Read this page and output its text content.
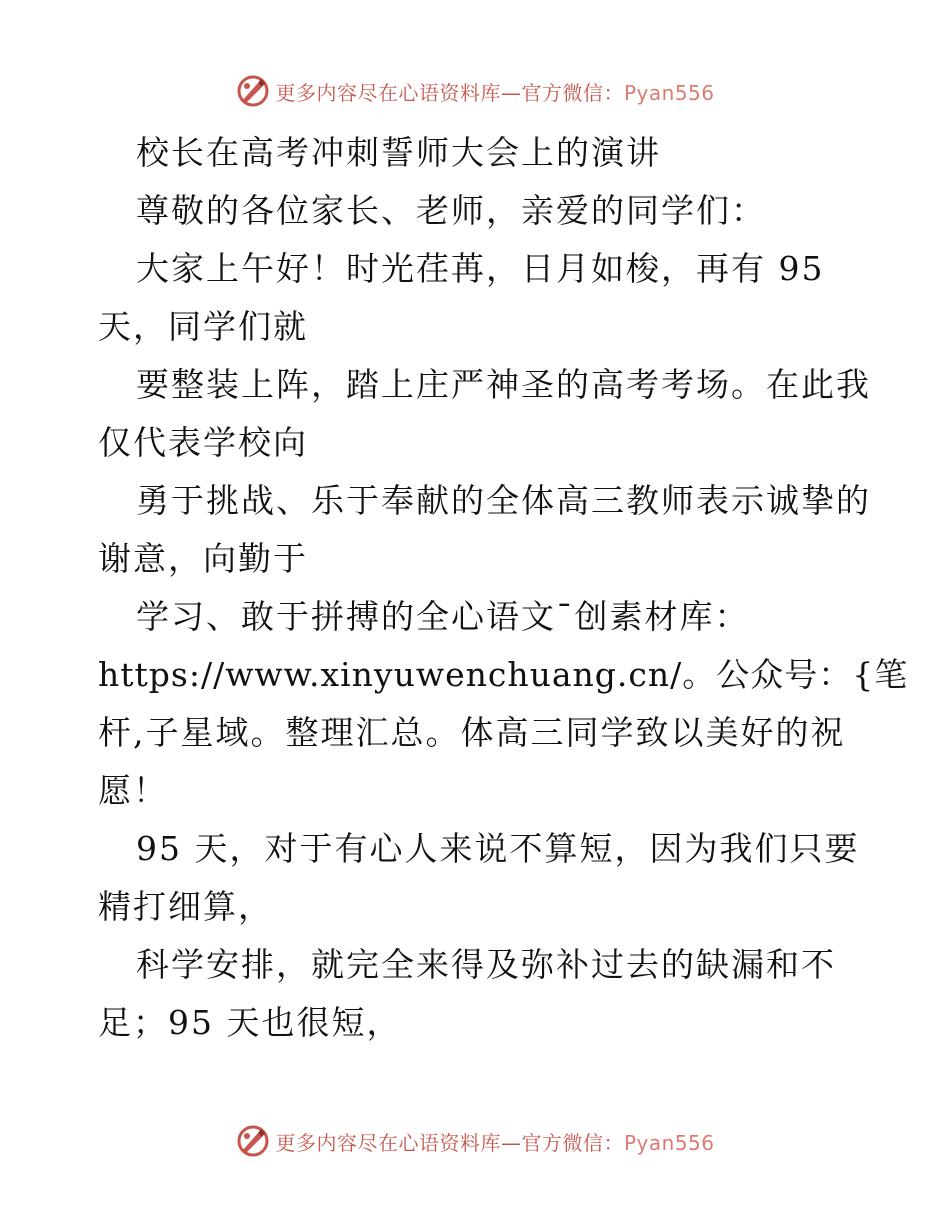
更多内容尽在心语资料库—官方微信：Pyan556
校长在高考冲刺誓师大会上的演讲
尊敬的各位家长、老师，亲爱的同学们：
大家上午好！时光荏苒，日月如梭，再有 95
天，同学们就
要整装上阵，踏上庄严神圣的高考考场。在此我
仅代表学校向
勇于挑战、乐于奉献的全体高三教师表示诚挚的
谢意，向勤于
学习、敢于拼搏的全心语文¯创素材库：
https://www.xinyuwenchuang.cn/。公众号：{笔
杆,子星域。整理汇总。体高三同学致以美好的祝
愿！
95 天，对于有心人来说不算短，因为我们只要
精打细算，
科学安排，就完全来得及弥补过去的缺漏和不
足；95 天也很短，
更多内容尽在心语资料库—官方微信：Pyan556
